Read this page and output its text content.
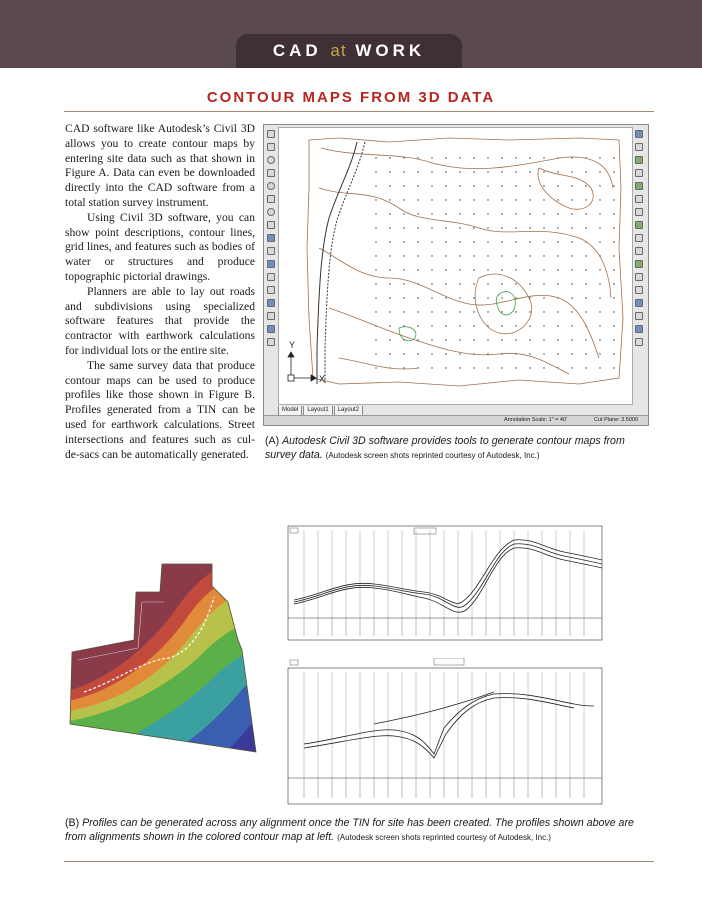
CAD at WORK
CONTOUR MAPS FROM 3D DATA

CAD software like Autodesk’s Civil 3D allows you to create contour maps by entering site data such as that shown in Figure A. Data can even be downloaded directly into the CAD software from a total station survey instrument.

Using Civil 3D software, you can show point descriptions, contour lines, grid lines, and features such as bodies of water or structures and produce topographic pictorial drawings.

Planners are able to lay out roads and subdivisions using specialized software features that provide the contractor with earthwork calculations for individual lots or the entire site.

The same survey data that produce contour maps can be used to produce profiles like those shown in Figure B. Profiles generated from a TIN can be used for earthwork calculations. Street intersections and features such as cul-de-sacs can be automatically generated.

Y
X
Model Layout1 Layout2
Annotation Scale: 1" = 40'	Cut Plane: 3.5000
(A) Autodesk Civil 3D software provides tools to generate contour maps from survey data. (Autodesk screen shots reprinted courtesy of Autodesk, Inc.)
(B) Profiles can be generated across any alignment once the TIN for site has been created. The profiles shown above are from alignments shown in the colored contour map at left. (Autodesk screen shots reprinted courtesy of Autodesk, Inc.)
